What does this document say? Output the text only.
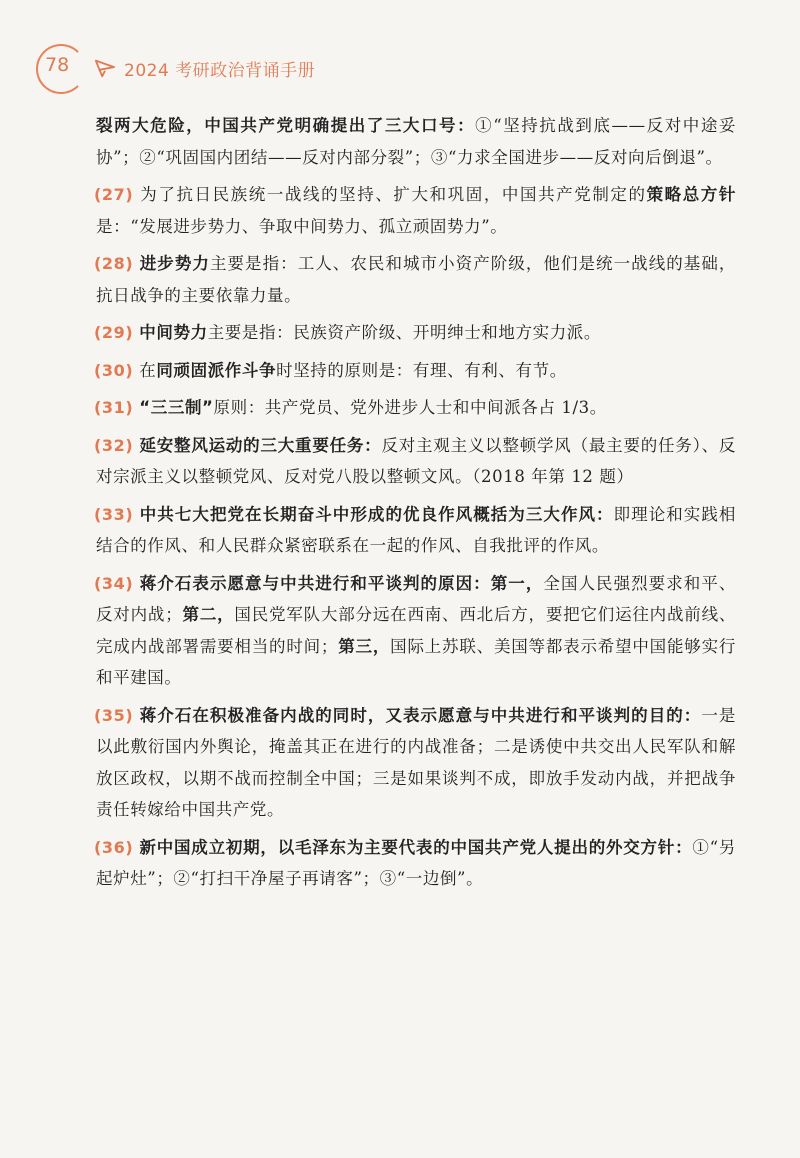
78	2024 考研政治背诵手册

裂两大危险，中国共产党明确提出了三大口号：①“坚持抗战到底——反对中途妥协”；②“巩固国内团结——反对内部分裂”；③“力求全国进步——反对向后倒退”。

(27) 为了抗日民族统一战线的坚持、扩大和巩固，中国共产党制定的策略总方针是：“发展进步势力、争取中间势力、孤立顽固势力”。

(28) 进步势力主要是指：工人、农民和城市小资产阶级，他们是统一战线的基础，抗日战争的主要依靠力量。

(29) 中间势力主要是指：民族资产阶级、开明绅士和地方实力派。

(30) 在同顽固派作斗争时坚持的原则是：有理、有利、有节。

(31) “三三制”原则：共产党员、党外进步人士和中间派各占 1/3。

(32) 延安整风运动的三大重要任务：反对主观主义以整顿学风（最主要的任务）、反对宗派主义以整顿党风、反对党八股以整顿文风。（2018 年第 12 题）

(33) 中共七大把党在长期奋斗中形成的优良作风概括为三大作风：即理论和实践相结合的作风、和人民群众紧密联系在一起的作风、自我批评的作风。

(34) 蒋介石表示愿意与中共进行和平谈判的原因：第一，全国人民强烈要求和平、反对内战；第二，国民党军队大部分远在西南、西北后方，要把它们运往内战前线、完成内战部署需要相当的时间；第三，国际上苏联、美国等都表示希望中国能够实行和平建国。

(35) 蒋介石在积极准备内战的同时，又表示愿意与中共进行和平谈判的目的：一是以此敷衍国内外舆论，掩盖其正在进行的内战准备；二是诱使中共交出人民军队和解放区政权，以期不战而控制全中国；三是如果谈判不成，即放手发动内战，并把战争责任转嫁给中国共产党。

(36) 新中国成立初期，以毛泽东为主要代表的中国共产党人提出的外交方针：①“另起炉灶”；②“打扫干净屋子再请客”；③“一边倒”。
